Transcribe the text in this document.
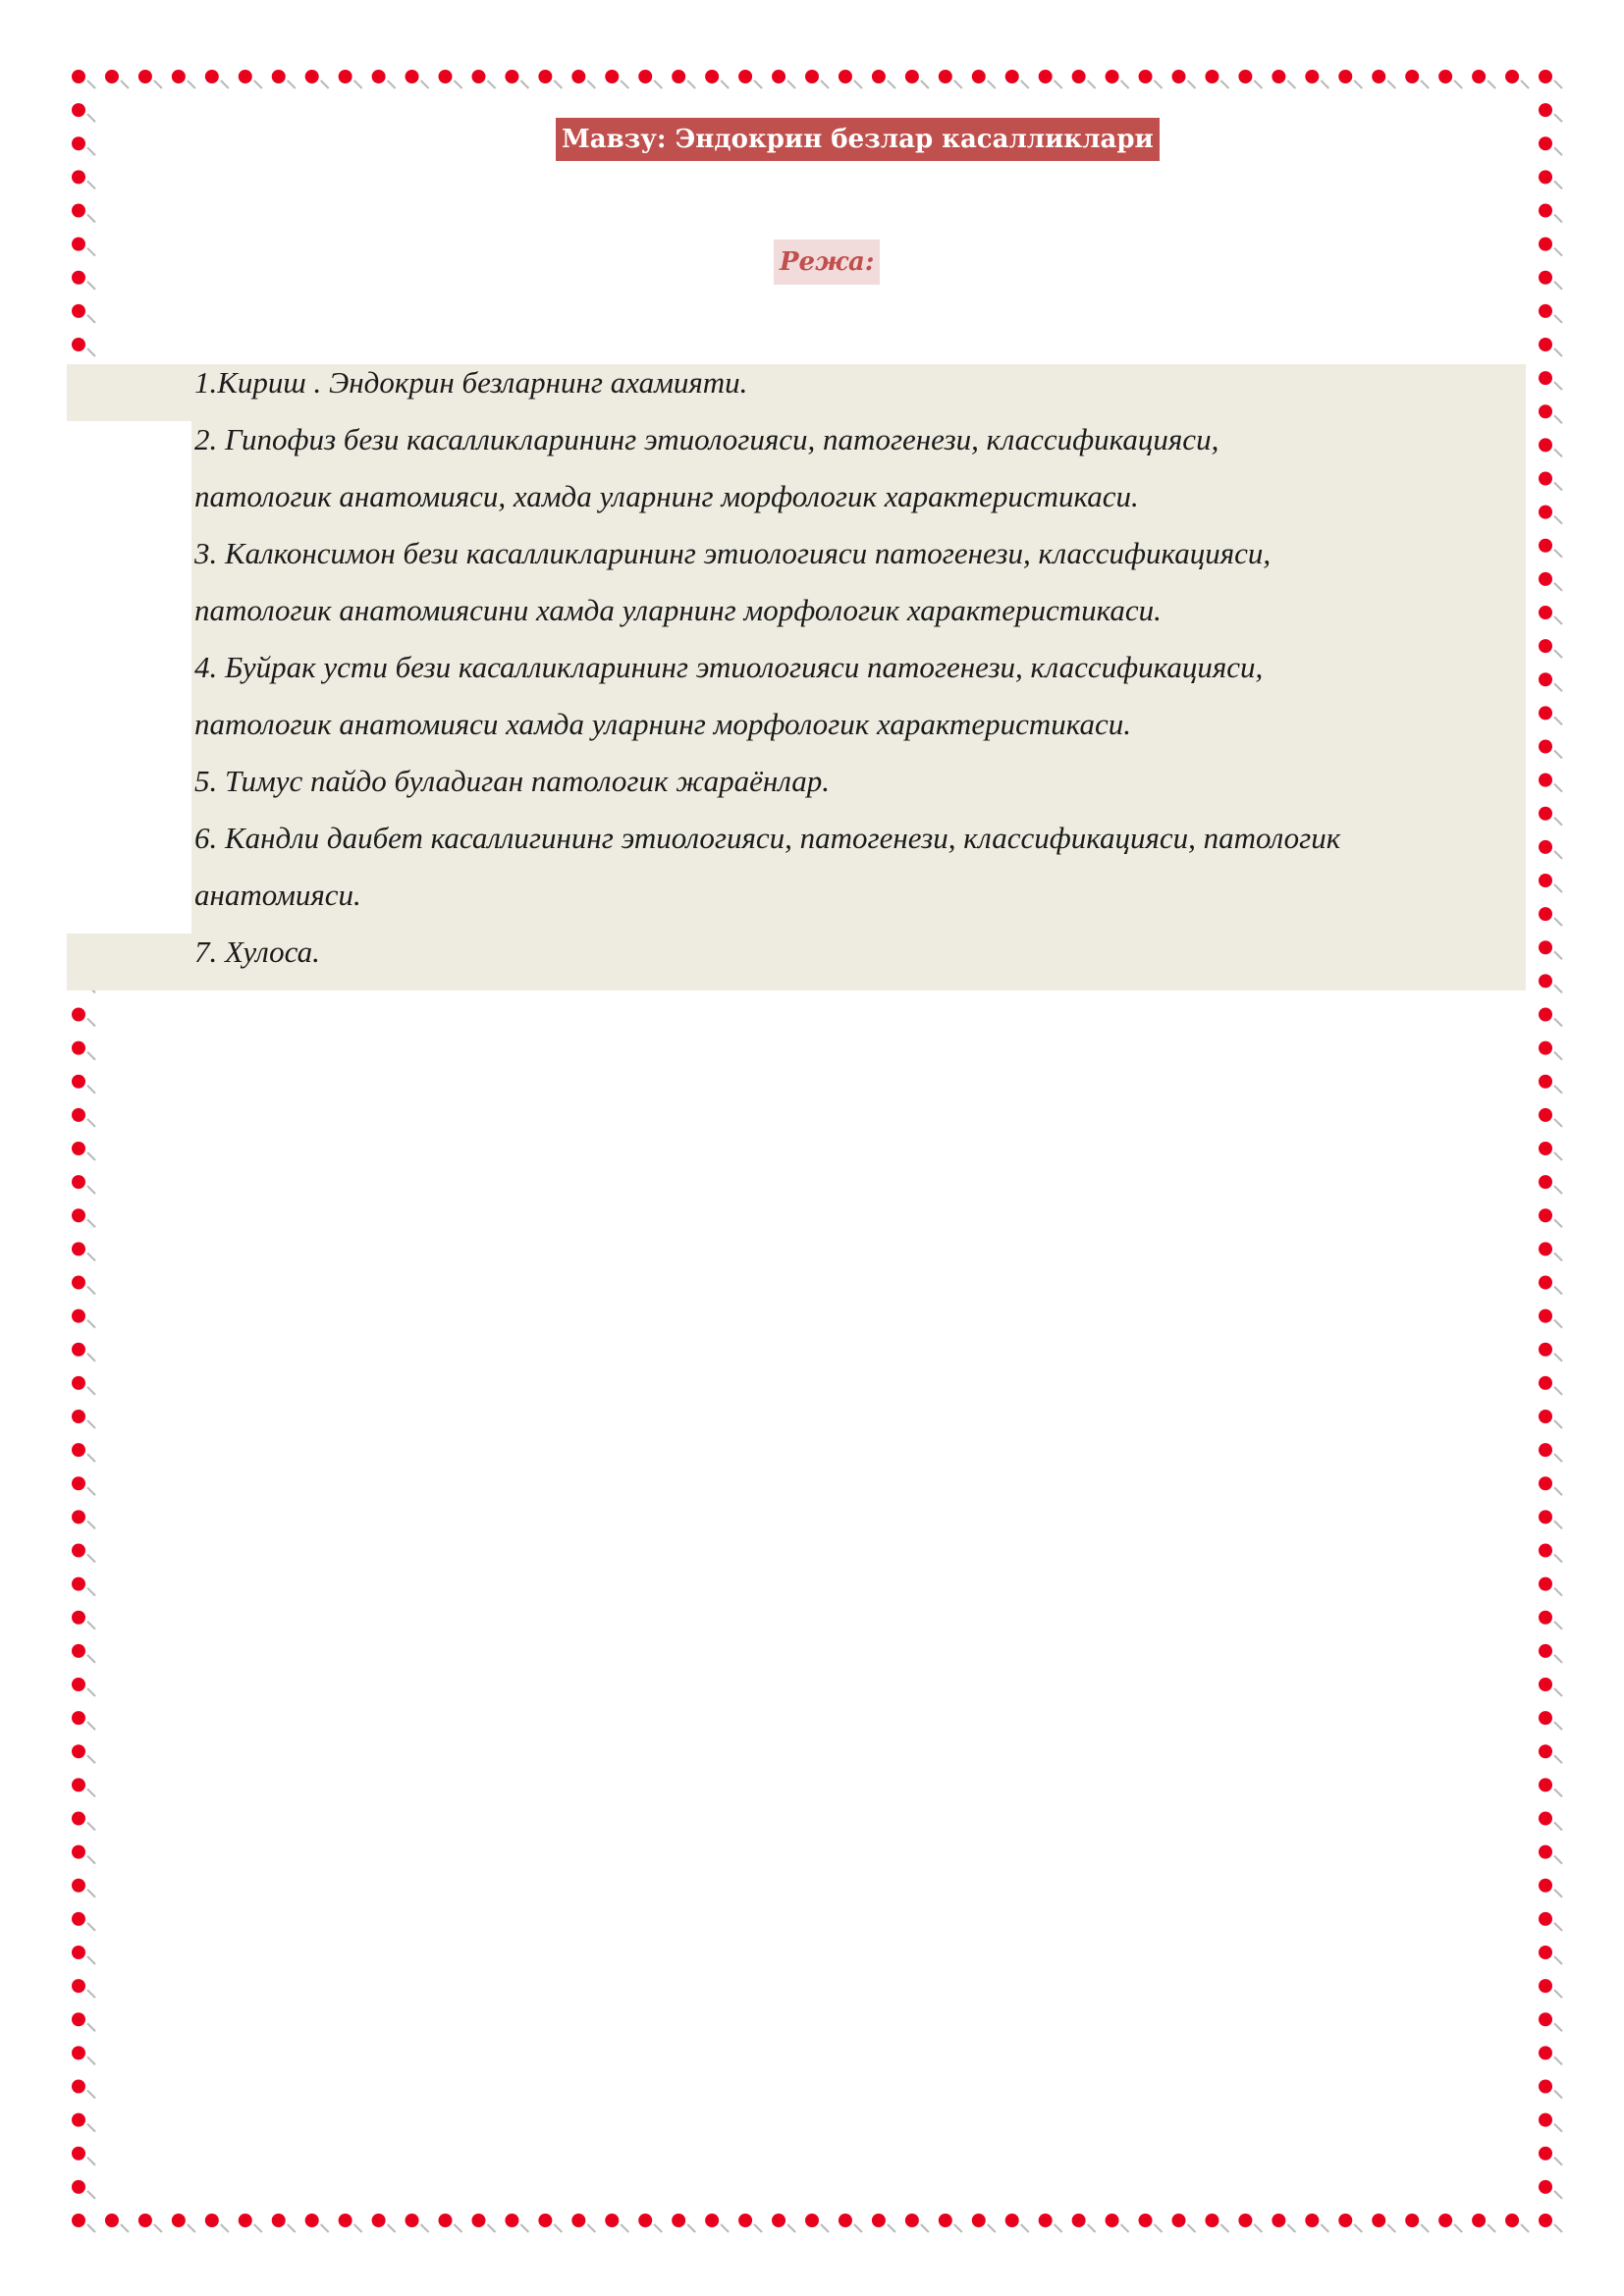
Мавзу: Эндокрин безлар касалликлари
Режа:

1.Кириш . Эндокрин безларнинг ахамияти.

2. Гипофиз бези касалликларининг этиологияси, патогенези, классификацияси,

патологик анатомияси, хамда уларнинг морфологик характеристикаси.

3. Калконсимон бези касалликларининг этиологияси патогенези, классификацияси,

патологик анатомиясини хамда уларнинг морфологик характеристикаси.

4. Буйрак усти бези касалликларининг этиологияси патогенези, классификацияси,

патологик анатомияси хамда уларнинг морфологик характеристикаси.

5. Тимус пайдо буладиган патологик жараёнлар.

6. Кандли даибет касаллигининг этиологияси, патогенези, классификацияси, патологик

анатомияси.

7. Хулоса.
